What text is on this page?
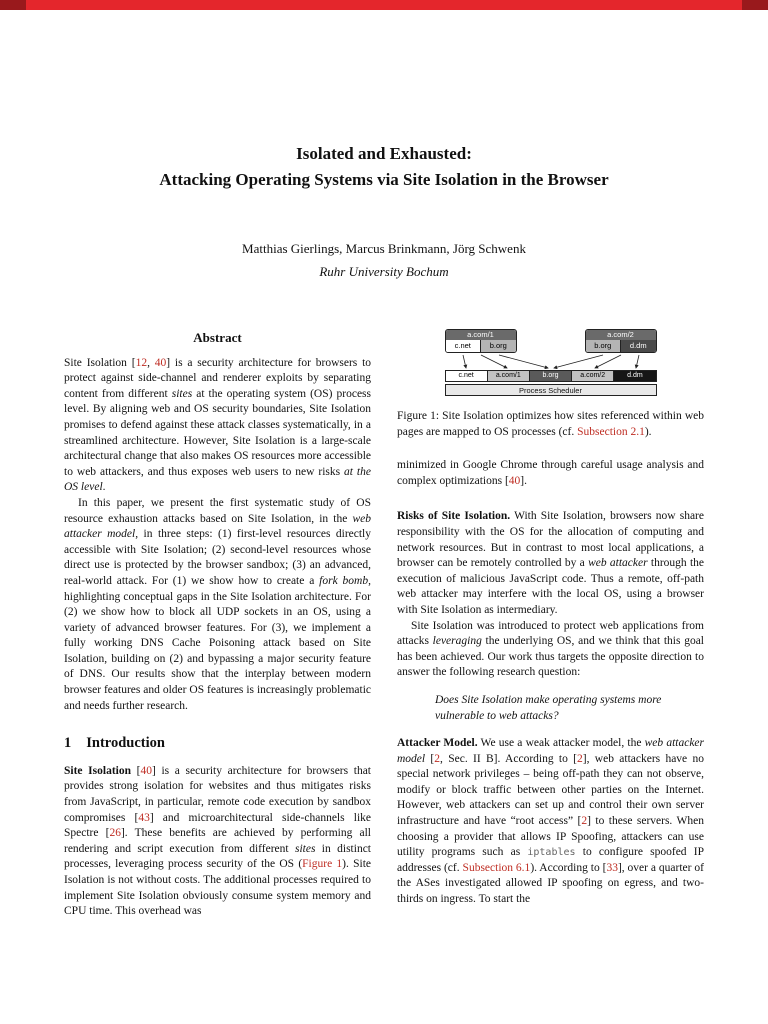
Isolated and Exhausted:
Attacking Operating Systems via Site Isolation in the Browser
Matthias Gierlings, Marcus Brinkmann, Jörg Schwenk
Ruhr University Bochum
Abstract

Site Isolation [12, 40] is a security architecture for browsers to protect against side-channel and renderer exploits by separating content from different sites at the operating system (OS) process level. By aligning web and OS security boundaries, Site Isolation promises to defend against these attack classes systematically, in a streamlined architecture. However, Site Isolation is a large-scale architectural change that also makes OS resources more accessible to web attackers, and thus exposes web users to new risks at the OS level.

In this paper, we present the first systematic study of OS resource exhaustion attacks based on Site Isolation, in the web attacker model, in three steps: (1) first-level resources directly accessible with Site Isolation; (2) second-level resources whose direct use is protected by the browser sandbox; (3) an advanced, real-world attack. For (1) we show how to create a fork bomb, highlighting conceptual gaps in the Site Isolation architecture. For (2) we show how to block all UDP sockets in an OS, using a variety of advanced browser features. For (3), we implement a fully working DNS Cache Poisoning attack based on Site Isolation, building on (2) and bypassing a major security feature of DNS. Our results show that the interplay between modern browser features and older OS features is increasingly problematic and needs further research.

1 Introduction

Site Isolation [40] is a security architecture for browsers that provides strong isolation for websites and thus mitigates risks from JavaScript, in particular, remote code execution by sandbox compromises [43] and microarchitectural side-channels like Spectre [26]. These benefits are achieved by performing all rendering and script execution from different sites in distinct processes, leveraging process security of the OS (Figure 1). Site Isolation is not without costs. The additional processes required to implement Site Isolation obviously consume system memory and CPU time. This overhead was

a.com/1
c.net	b.org
a.com/2
b.org	d.dm
c.net	a.com/1	b.org	a.com/2	d.dm
Process Scheduler

Figure 1: Site Isolation optimizes how sites referenced within web pages are mapped to OS processes (cf. Subsection 2.1).

minimized in Google Chrome through careful usage analysis and complex optimizations [40].

Risks of Site Isolation. With Site Isolation, browsers now share responsibility with the OS for the allocation of computing and network resources. But in contrast to most local applications, a browser can be remotely controlled by a web attacker through the execution of malicious JavaScript code. Thus a remote, off-path web attacker may interfere with the local OS, using a browser with Site Isolation as intermediary.

Site Isolation was introduced to protect web applications from attacks leveraging the underlying OS, and we think that this goal has been achieved. Our work thus targets the opposite direction to answer the following research question:

Does Site Isolation make operating systems more vulnerable to web attacks?

Attacker Model. We use a weak attacker model, the web attacker model [2, Sec. II B]. According to [2], web attackers have no special network privileges – being off-path they can not observe, modify or block traffic between other parties on the Internet. However, web attackers can set up and control their own server infrastructure and have “root access” [2] to these servers. When choosing a provider that allows IP Spoofing, attackers can use utility programs such as iptables to configure spoofed IP addresses (cf. Subsection 6.1). According to [33], over a quarter of the ASes investigated allowed IP spoofing on egress, and two-thirds on ingress. To start the
